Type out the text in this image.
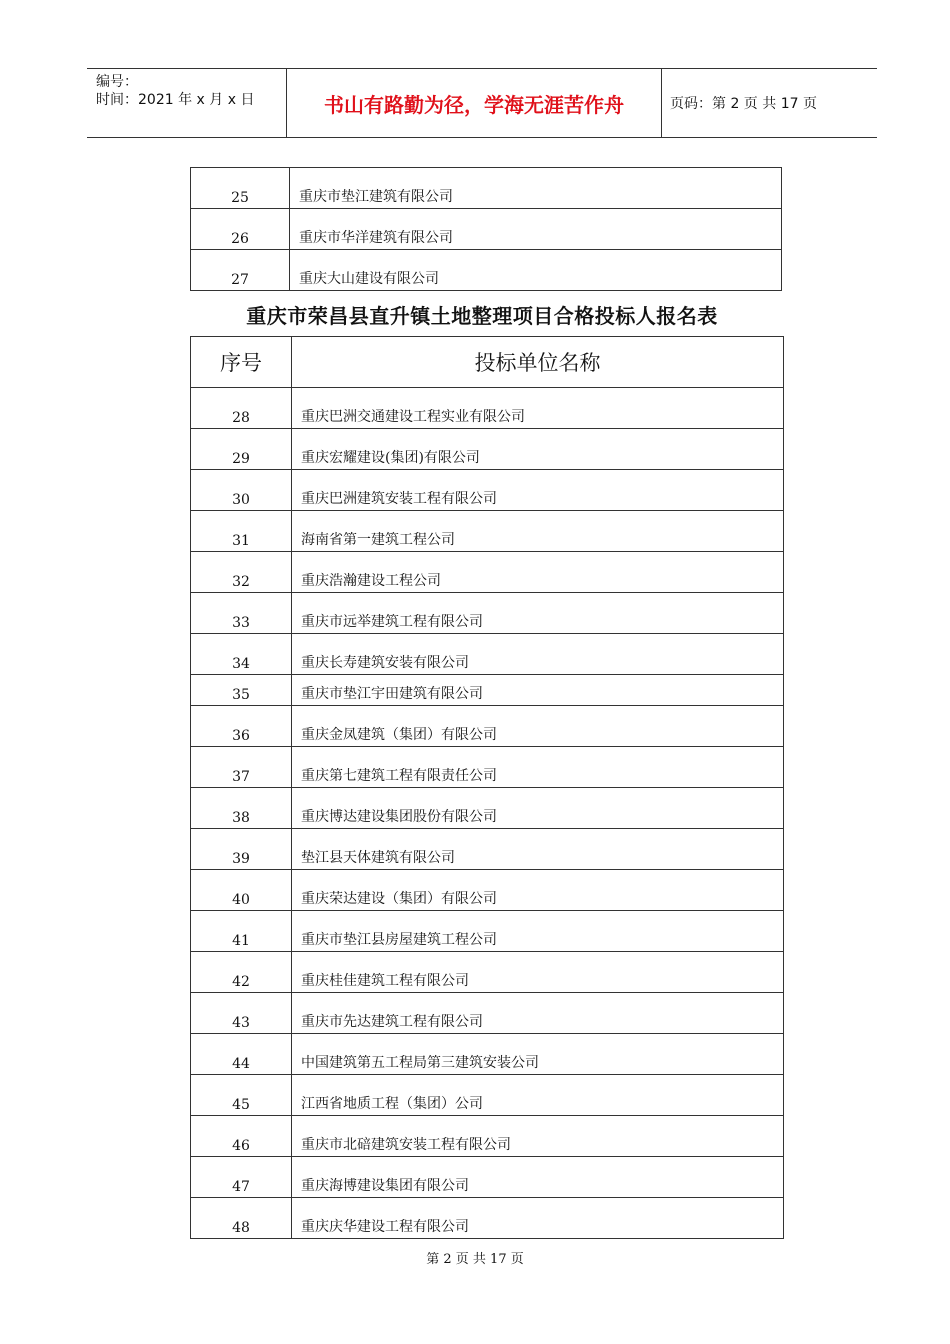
编号：
时间：2021 年 x 月 x 日	书山有路勤为径，学海无涯苦作舟	页码：第 2 页 共 17 页
25	重庆市垫江建筑有限公司
26	重庆市华洋建筑有限公司
27	重庆大山建设有限公司
重庆市荣昌县直升镇土地整理项目合格投标人报名表
序号	投标单位名称
28	重庆巴洲交通建设工程实业有限公司
29	重庆宏耀建设(集团)有限公司
30	重庆巴洲建筑安装工程有限公司
31	海南省第一建筑工程公司
32	重庆浩瀚建设工程公司
33	重庆市远举建筑工程有限公司
34	重庆长寿建筑安装有限公司
35	重庆市垫江宇田建筑有限公司
36	重庆金凤建筑（集团）有限公司
37	重庆第七建筑工程有限责任公司
38	重庆博达建设集团股份有限公司
39	垫江县天体建筑有限公司
40	重庆荣达建设（集团）有限公司
41	重庆市垫江县房屋建筑工程公司
42	重庆桂佳建筑工程有限公司
43	重庆市先达建筑工程有限公司
44	中国建筑第五工程局第三建筑安装公司
45	江西省地质工程（集团）公司
46	重庆市北碚建筑安装工程有限公司
47	重庆海博建设集团有限公司
48	重庆庆华建设工程有限公司
第 2 页 共 17 页
